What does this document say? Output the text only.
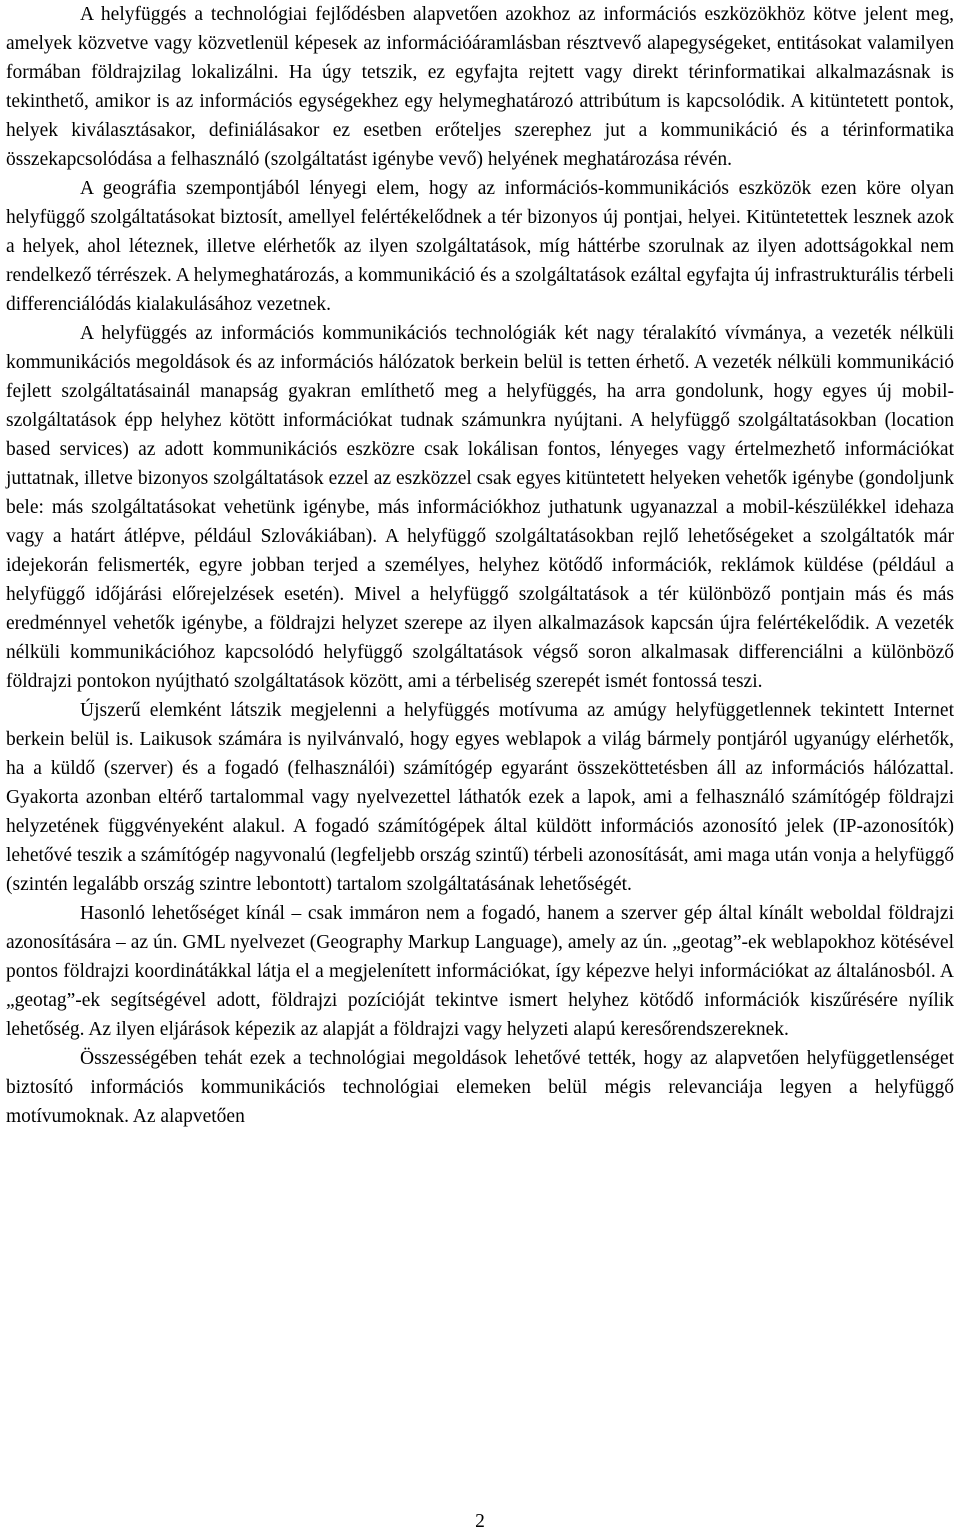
A helyfüggés a technológiai fejlődésben alapvetően azokhoz az információs eszközökhöz kötve jelent meg, amelyek közvetve vagy közvetlenül képesek az információáramlásban résztvevő alapegységeket, entitásokat valamilyen formában földrajzilag lokalizálni. Ha úgy tetszik, ez egyfajta rejtett vagy direkt térinformatikai alkalmazásnak is tekinthető, amikor is az információs egységekhez egy helymeghatározó attribútum is kapcsolódik. A kitüntetett pontok, helyek kiválasztásakor, definiálásakor ez esetben erőteljes szerephez jut a kommunikáció és a térinformatika összekapcsolódása a felhasználó (szolgáltatást igénybe vevő) helyének meghatározása révén.

A geográfia szempontjából lényegi elem, hogy az információs-kommunikációs eszközök ezen köre olyan helyfüggő szolgáltatásokat biztosít, amellyel felértékelődnek a tér bizonyos új pontjai, helyei. Kitüntetettek lesznek azok a helyek, ahol léteznek, illetve elérhetők az ilyen szolgáltatások, míg háttérbe szorulnak az ilyen adottságokkal nem rendelkező térrészek. A helymeghatározás, a kommunikáció és a szolgáltatások ezáltal egyfajta új infrastrukturális térbeli differenciálódás kialakulásához vezetnek.

A helyfüggés az információs kommunikációs technológiák két nagy téralakító vívmánya, a vezeték nélküli kommunikációs megoldások és az információs hálózatok berkein belül is tetten érhető. A vezeték nélküli kommunikáció fejlett szolgáltatásainál manapság gyakran említhető meg a helyfüggés, ha arra gondolunk, hogy egyes új mobil-szolgáltatások épp helyhez kötött információkat tudnak számunkra nyújtani. A helyfüggő szolgáltatásokban (location based services) az adott kommunikációs eszközre csak lokálisan fontos, lényeges vagy értelmezhető információkat juttatnak, illetve bizonyos szolgáltatások ezzel az eszközzel csak egyes kitüntetett helyeken vehetők igénybe (gondoljunk bele: más szolgáltatásokat vehetünk igénybe, más információkhoz juthatunk ugyanazzal a mobil-készülékkel idehaza vagy a határt átlépve, például Szlovákiában). A helyfüggő szolgáltatásokban rejlő lehetőségeket a szolgáltatók már idejekorán felismerték, egyre jobban terjed a személyes, helyhez kötődő információk, reklámok küldése (például a helyfüggő időjárási előrejelzések esetén). Mivel a helyfüggő szolgáltatások a tér különböző pontjain más és más eredménnyel vehetők igénybe, a földrajzi helyzet szerepe az ilyen alkalmazások kapcsán újra felértékelődik. A vezeték nélküli kommunikációhoz kapcsolódó helyfüggő szolgáltatások végső soron alkalmasak differenciálni a különböző földrajzi pontokon nyújtható szolgáltatások között, ami a térbeliség szerepét ismét fontossá teszi.

Újszerű elemként látszik megjelenni a helyfüggés motívuma az amúgy helyfüggetlennek tekintett Internet berkein belül is. Laikusok számára is nyilvánvaló, hogy egyes weblapok a világ bármely pontjáról ugyanúgy elérhetők, ha a küldő (szerver) és a fogadó (felhasználói) számítógép egyaránt összeköttetésben áll az információs hálózattal. Gyakorta azonban eltérő tartalommal vagy nyelvezettel láthatók ezek a lapok, ami a felhasználó számítógép földrajzi helyzetének függvényeként alakul. A fogadó számítógépek által küldött információs azonosító jelek (IP-azonosítók) lehetővé teszik a számítógép nagyvonalú (legfeljebb ország szintű) térbeli azonosítását, ami maga után vonja a helyfüggő (szintén legalább ország szintre lebontott) tartalom szolgáltatásának lehetőségét.

Hasonló lehetőséget kínál – csak immáron nem a fogadó, hanem a szerver gép által kínált weboldal földrajzi azonosítására – az ún. GML nyelvezet (Geography Markup Language), amely az ún. „geotag”-ek weblapokhoz kötésével pontos földrajzi koordinátákkal látja el a megjelenített információkat, így képezve helyi információkat az általánosból. A „geotag”-ek segítségével adott, földrajzi pozícióját tekintve ismert helyhez kötődő információk kiszűrésére nyílik lehetőség. Az ilyen eljárások képezik az alapját a földrajzi vagy helyzeti alapú keresőrendszereknek.

Összességében tehát ezek a technológiai megoldások lehetővé tették, hogy az alapvetően helyfüggetlenséget biztosító információs kommunikációs technológiai elemeken belül mégis relevanciája legyen a helyfüggő motívumoknak. Az alapvetően

2
